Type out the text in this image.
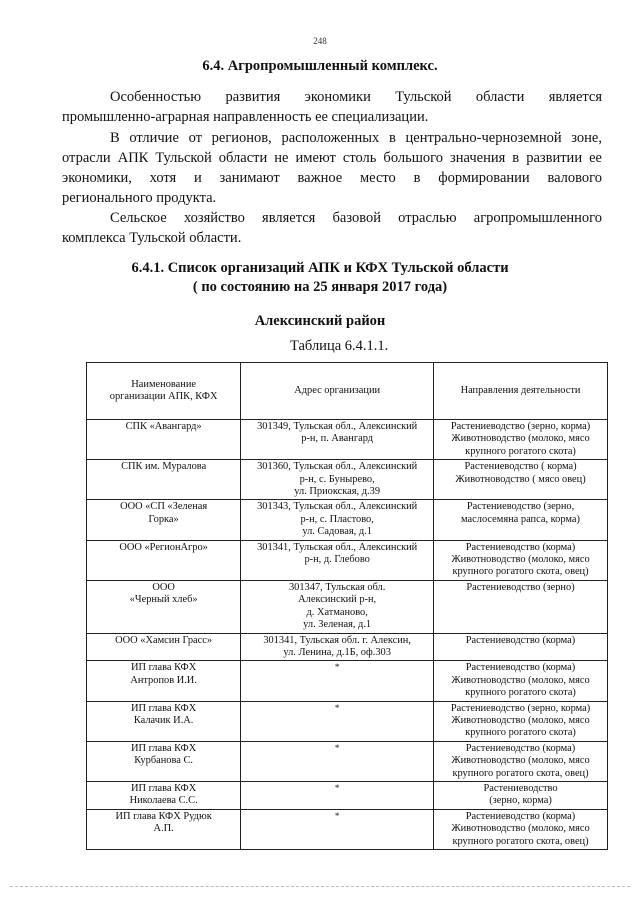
248
6.4. Агропромышленный комплекс.

Особенностью развития экономики Тульской области является

промышленно-аграрная направленность ее специализации.

В отличие от регионов, расположенных в центрально-черноземной зоне,

отрасли АПК Тульской области не имеют столь большого значения в развитии ее

экономики, хотя и занимают важное место в формировании валового

регионального продукта.

Сельское хозяйство является базовой отраслью агропромышленного

комплекса Тульской области.

6.4.1. Список организаций АПК и КФХ Тульской области
( по состоянию на 25 января 2017 года)
Алексинский район
Таблица 6.4.1.1.
Наименование
организации АПК, КФХ	Адрес организации	Направления деятельности

СПК «Авангард»	301349, Тульская обл., Алексинский
р-н, п. Авангард	Растениеводство (зерно, корма)
Животноводство (молоко, мясо
крупного рогатого скота)

СПК им. Муралова	301360, Тульская обл., Алексинский
р-н, с. Бунырево,
ул. Приокская, д.39	Растениеводство ( корма)
Животноводство ( мясо овец)

ООО «СП «Зеленая
Горка»	301343, Тульская обл., Алексинский
р-н, с. Пластово,
ул. Садовая, д.1	Растениеводство (зерно,
маслосемяна рапса, корма)

ООО «РегионАгро»	301341, Тульская обл., Алексинский
р-н, д. Глебово	Растениеводство (корма)
Животноводство (молоко, мясо
крупного рогатого скота, овец)

ООО
«Черный хлеб»	301347, Тульская обл.
Алексинский р-н,
д. Хатманово,
ул. Зеленая, д.1	Растениеводство (зерно)

ООО «Хамсин Грасс»	301341, Тульская обл. г. Алексин,
ул. Ленина, д.1Б, оф.303	Растениеводство (корма)

ИП глава КФХ
Антропов И.И.	*	Растениеводство (корма)
Животноводство (молоко, мясо
крупного рогатого скота)

ИП глава КФХ
Калачик И.А.	*	Растениеводство (зерно, корма)
Животноводство (молоко, мясо
крупного рогатого скота)

ИП глава КФХ
Курбанова С.	*	Растениеводство (корма)
Животноводство (молоко, мясо
крупного рогатого скота, овец)

ИП глава КФХ
Николаева С.С.	*	Растениеводство
(зерно, корма)

ИП глава КФХ Рудюк
А.П.	*	Растениеводство (корма)
Животноводство (молоко, мясо
крупного рогатого скота, овец)
